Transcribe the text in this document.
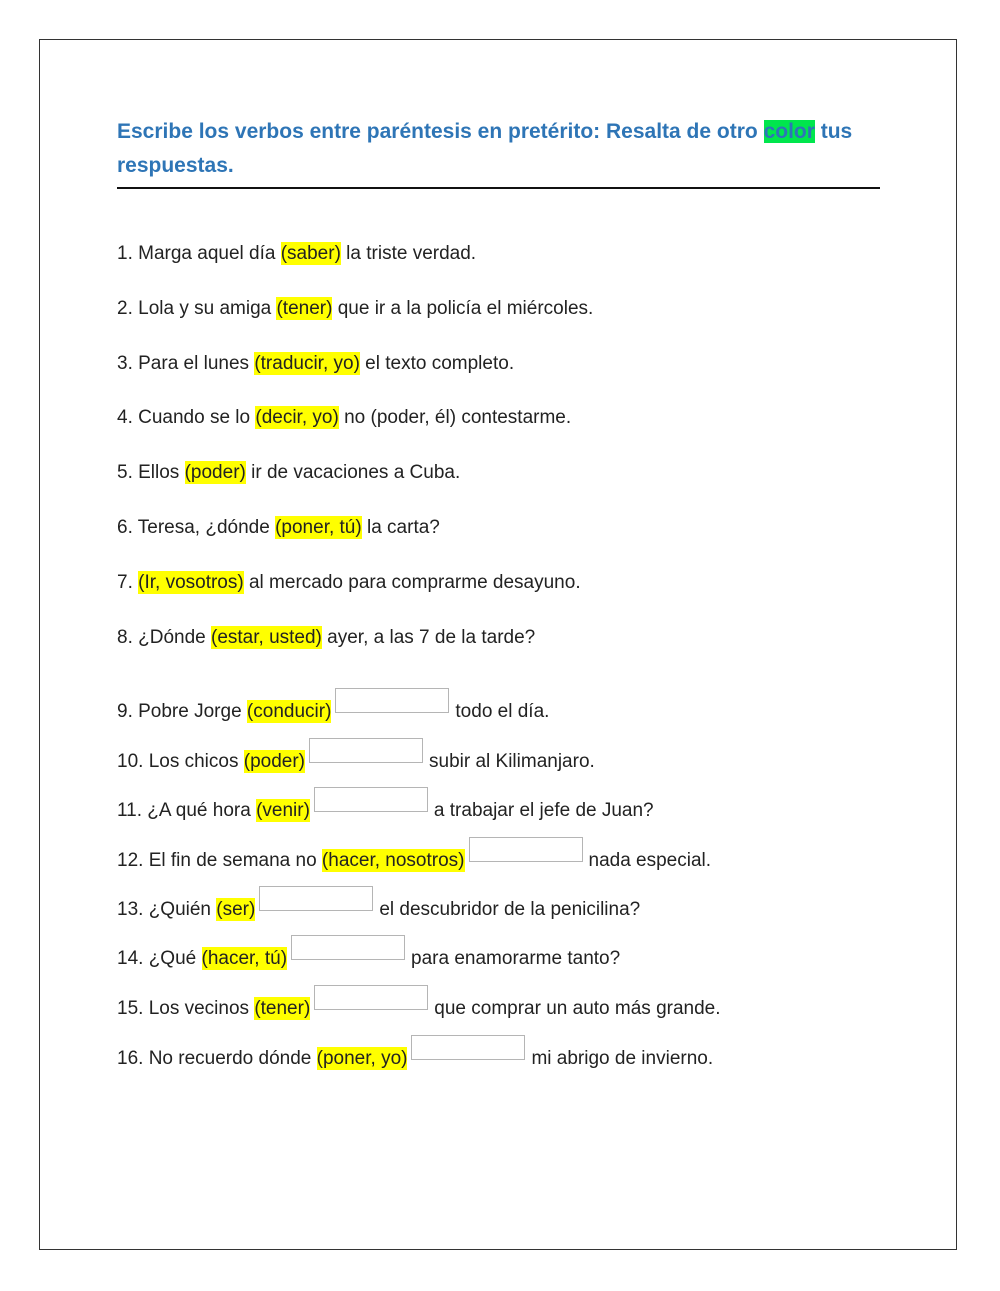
Escribe los verbos entre paréntesis en pretérito: Resalta de otro color tus respuestas.
1. Marga aquel día (saber) la triste verdad.
2. Lola y su amiga (tener) que ir a la policía el miércoles.
3. Para el lunes (traducir, yo) el texto completo.
4. Cuando se lo (decir, yo) no (poder, él) contestarme.
5. Ellos (poder) ir de vacaciones a Cuba.
6. Teresa, ¿dónde (poner, tú) la carta?
7. (Ir, vosotros) al mercado para comprarme desayuno.
8. ¿Dónde (estar, usted) ayer, a las 7 de la tarde?
9. Pobre Jorge (conducir)	todo el día.
10. Los chicos (poder)	subir al Kilimanjaro.
11. ¿A qué hora (venir)	a trabajar el jefe de Juan?
12. El fin de semana no (hacer, nosotros)	nada especial.
13. ¿Quién (ser)	el descubridor de la penicilina?
14. ¿Qué (hacer, tú)	para enamorarme tanto?
15. Los vecinos (tener)	que comprar un auto más grande.
16. No recuerdo dónde (poner, yo)	mi abrigo de invierno.
